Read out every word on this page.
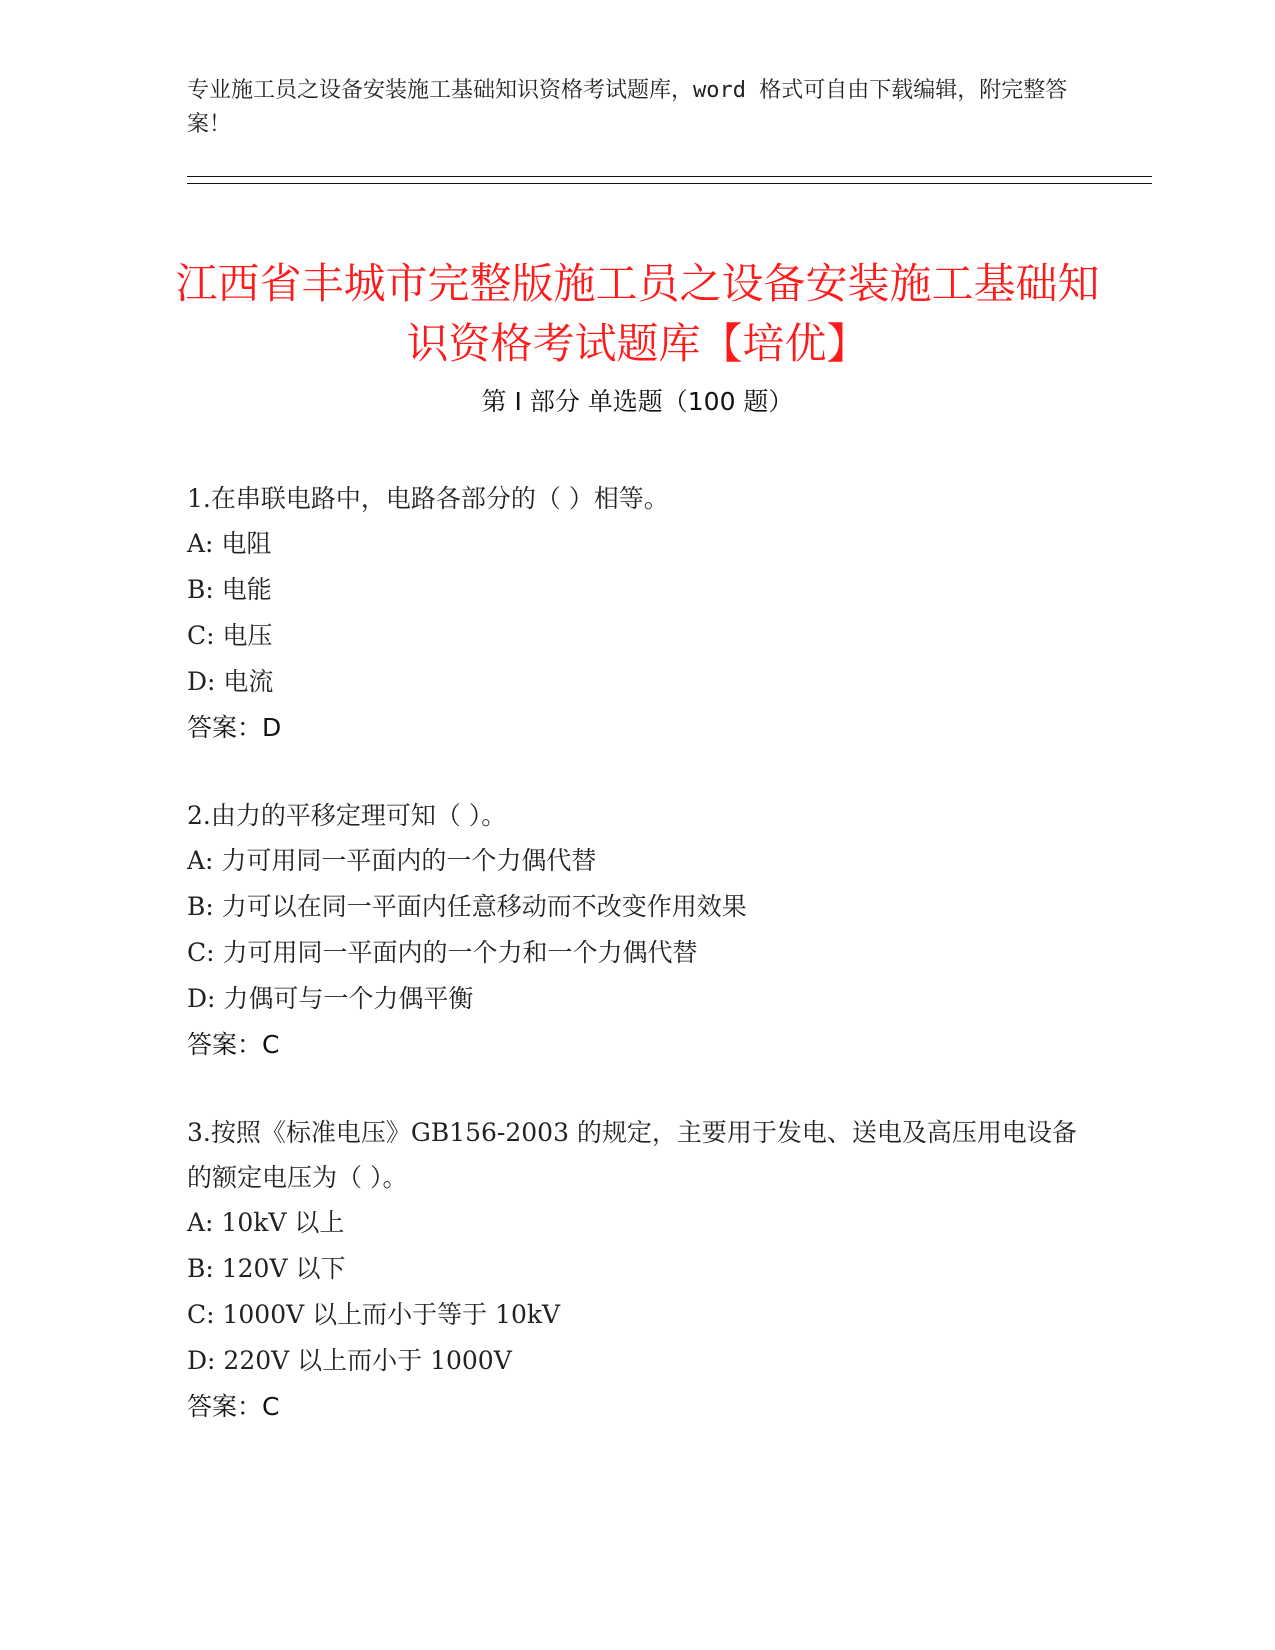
专业施工员之设备安装施工基础知识资格考试题库，word 格式可自由下载编辑，附完整答案！
江西省丰城市完整版施工员之设备安装施工基础知识资格考试题库【培优】
第 I 部分 单选题（100 题）

1.在串联电路中，电路各部分的（ ）相等。

A: 电阻

B: 电能

C: 电压

D: 电流

答案：D

2.由力的平移定理可知（ ）。

A: 力可用同一平面内的一个力偶代替

B: 力可以在同一平面内任意移动而不改变作用效果

C: 力可用同一平面内的一个力和一个力偶代替

D: 力偶可与一个力偶平衡

答案：C

3.按照《标准电压》GB156-2003 的规定，主要用于发电、送电及高压用电设备的额定电压为（ ）。

A: 10kV 以上

B: 120V 以下

C: 1000V 以上而小于等于 10kV

D: 220V 以上而小于 1000V

答案：C
